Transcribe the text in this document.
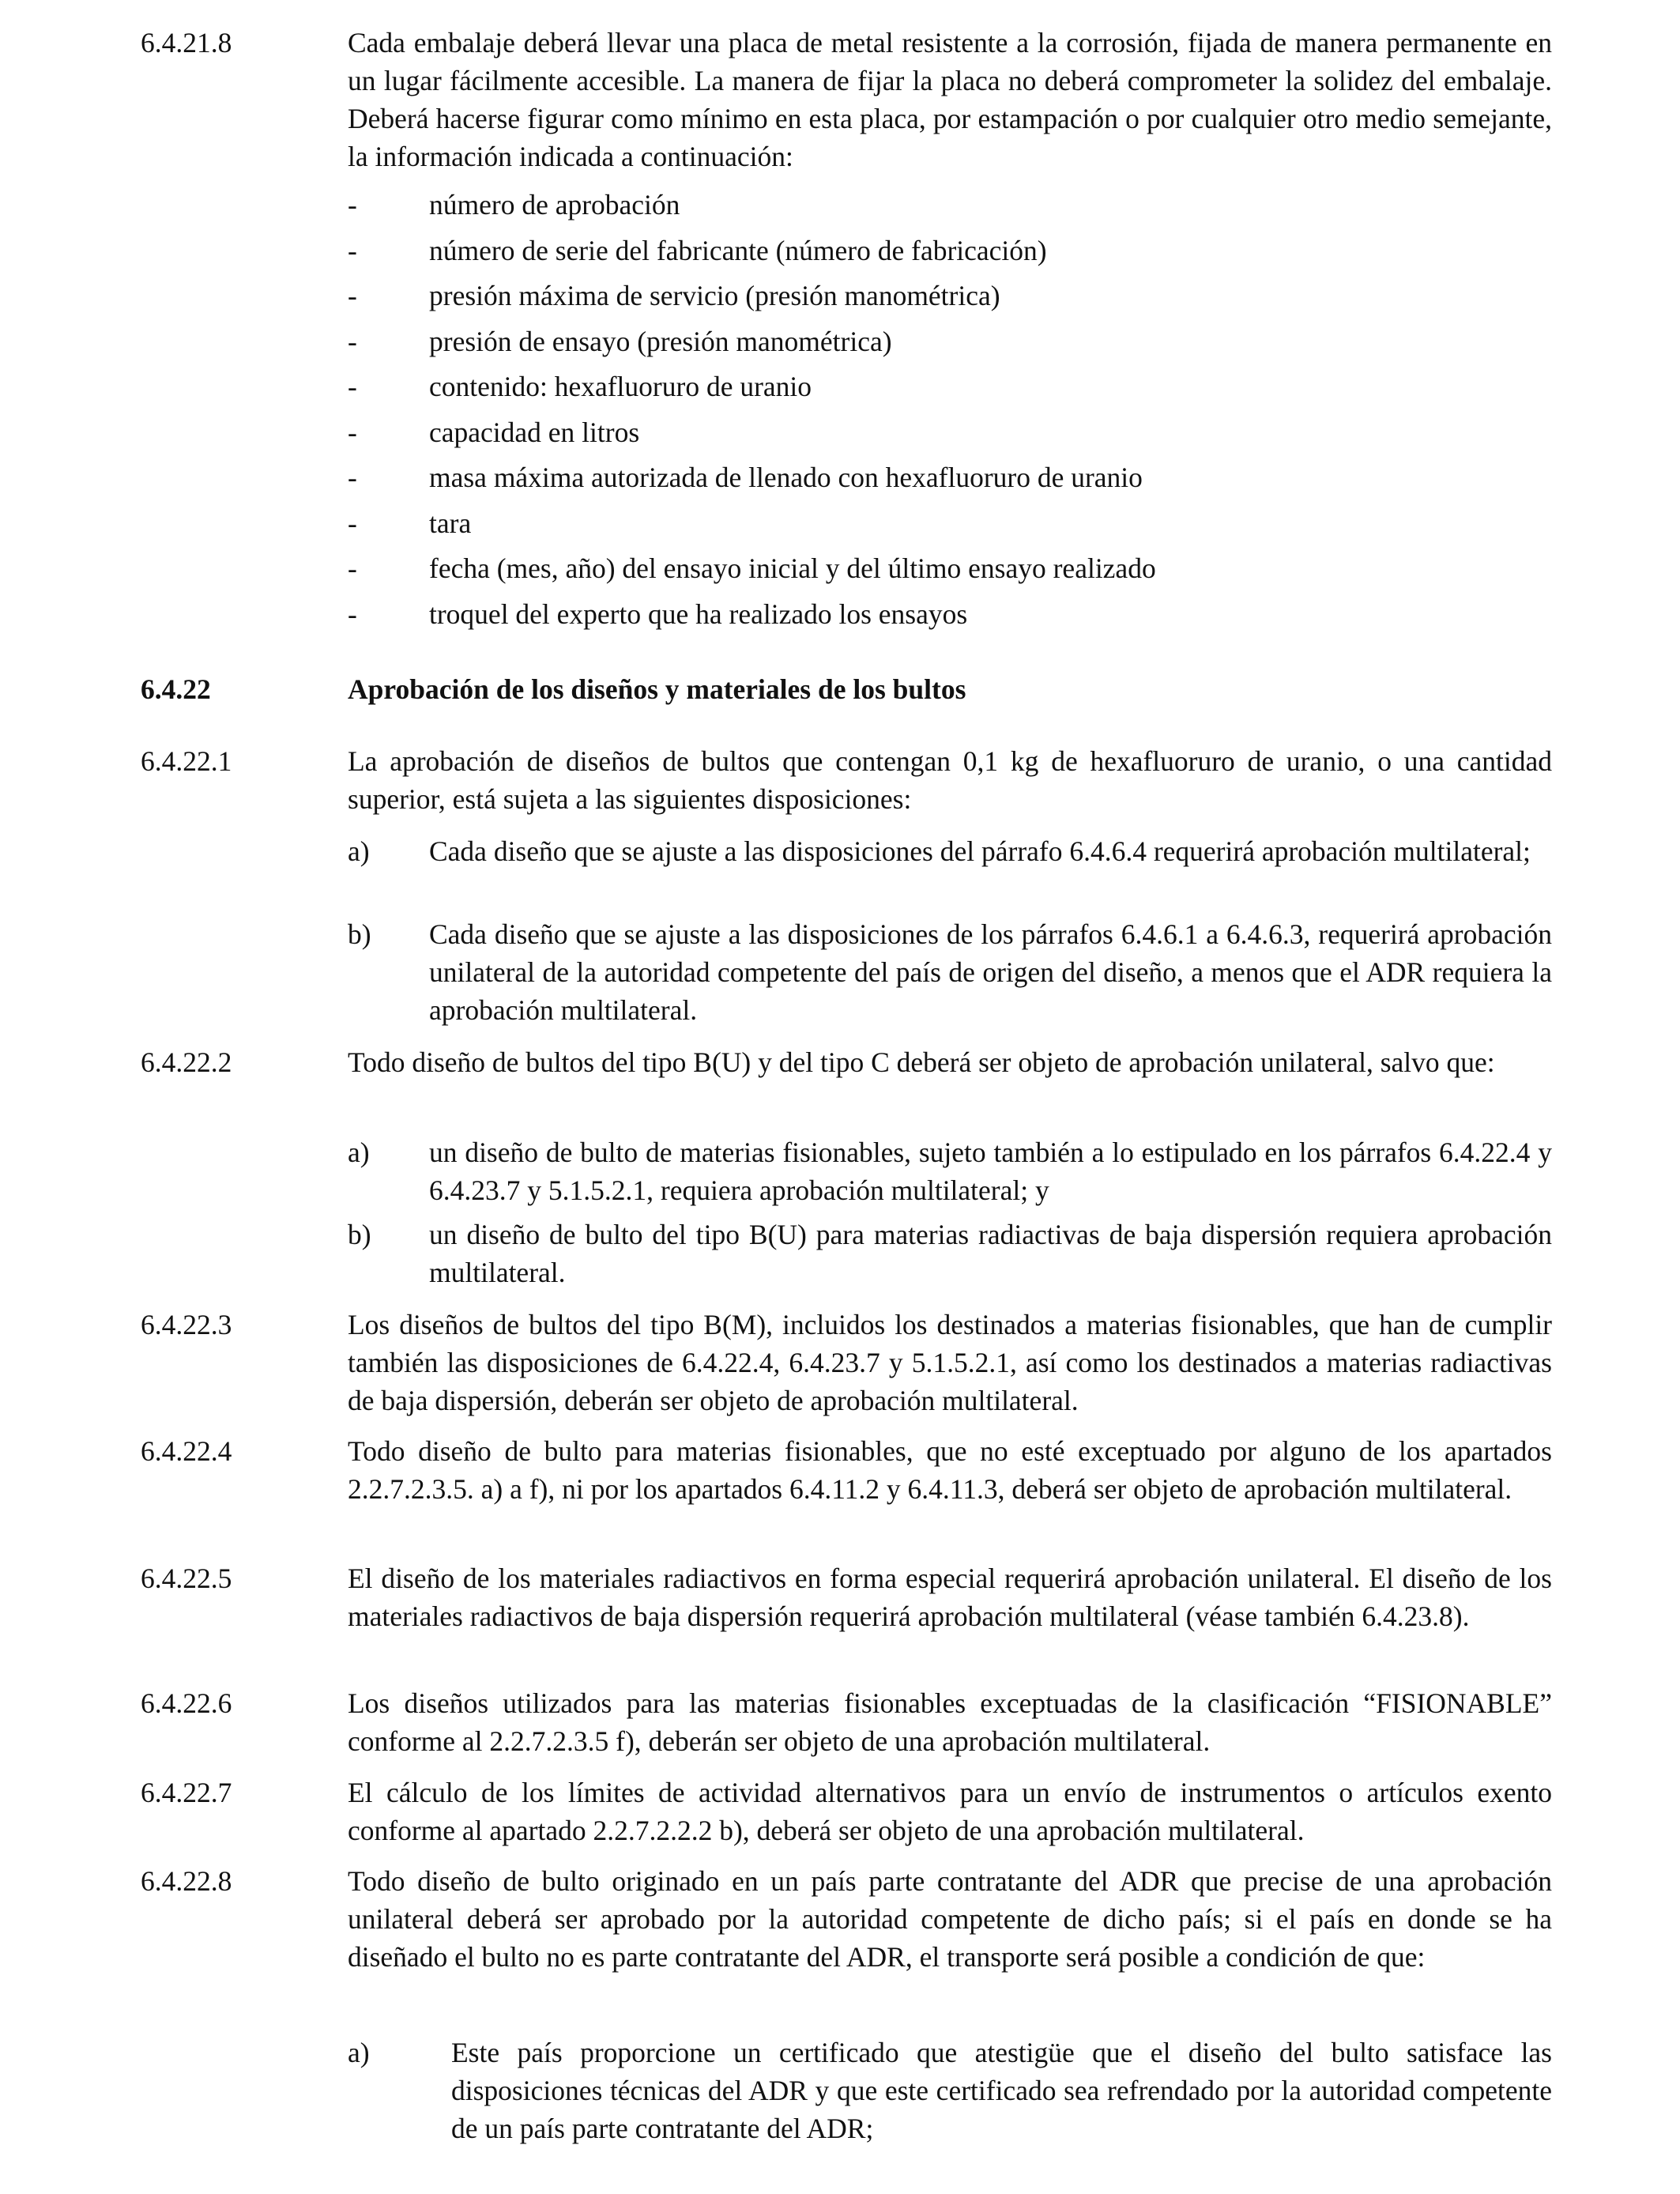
6.4.21.8	Cada embalaje deberá llevar una placa de metal resistente a la corrosión, fijada de manera permanente en un lugar fácilmente accesible. La manera de fijar la placa no deberá comprometer la solidez del embalaje. Deberá hacerse figurar como mínimo en esta placa, por estampación o por cualquier otro medio semejante, la información indicada a continuación:
-	número de aprobación
-	número de serie del fabricante (número de fabricación)
-	presión máxima de servicio (presión manométrica)
-	presión de ensayo (presión manométrica)
-	contenido: hexafluoruro de uranio
-	capacidad en litros
-	masa máxima autorizada de llenado con hexafluoruro de uranio
-	tara
-	fecha (mes, año) del ensayo inicial y del último ensayo realizado
-	troquel del experto que ha realizado los ensayos
6.4.22	Aprobación de los diseños y materiales de los bultos
6.4.22.1	La aprobación de diseños de bultos que contengan 0,1 kg de hexafluoruro de uranio, o una cantidad superior, está sujeta a las siguientes disposiciones:
a) Cada diseño que se ajuste a las disposiciones del párrafo 6.4.6.4 requerirá aprobación multilateral;
b) Cada diseño que se ajuste a las disposiciones de los párrafos 6.4.6.1 a 6.4.6.3, requerirá aprobación unilateral de la autoridad competente del país de origen del diseño, a menos que el ADR requiera la aprobación multilateral.
6.4.22.2	Todo diseño de bultos del tipo B(U) y del tipo C deberá ser objeto de aprobación unilateral, salvo que:
a) un diseño de bulto de materias fisionables, sujeto también a lo estipulado en los párrafos 6.4.22.4 y 6.4.23.7 y 5.1.5.2.1, requiera aprobación multilateral; y
b) un diseño de bulto del tipo B(U) para materias radiactivas de baja dispersión requiera aprobación multilateral.
6.4.22.3	Los diseños de bultos del tipo B(M), incluidos los destinados a materias fisionables, que han de cumplir también las disposiciones de 6.4.22.4, 6.4.23.7 y 5.1.5.2.1, así como los destinados a materias radiactivas de baja dispersión, deberán ser objeto de aprobación multilateral.
6.4.22.4	Todo diseño de bulto para materias fisionables, que no esté exceptuado por alguno de los apartados 2.2.7.2.3.5. a) a f), ni por los apartados 6.4.11.2 y 6.4.11.3, deberá ser objeto de aprobación multilateral.
6.4.22.5	El diseño de los materiales radiactivos en forma especial requerirá aprobación unilateral. El diseño de los materiales radiactivos de baja dispersión requerirá aprobación multilateral (véase también 6.4.23.8).
6.4.22.6	Los diseños utilizados para las materias fisionables exceptuadas de la clasificación “FISIONABLE” conforme al 2.2.7.2.3.5 f), deberán ser objeto de una aprobación multilateral.
6.4.22.7	El cálculo de los límites de actividad alternativos para un envío de instrumentos o artículos exento conforme al apartado 2.2.7.2.2.2 b), deberá ser objeto de una aprobación multilateral.
6.4.22.8	Todo diseño de bulto originado en un país parte contratante del ADR que precise de una aprobación unilateral deberá ser aprobado por la autoridad competente de dicho país; si el país en donde se ha diseñado el bulto no es parte contratante del ADR, el transporte será posible a condición de que:
a)	Este país proporcione un certificado que atestigüe que el diseño del bulto satisface las disposiciones técnicas del ADR y que este certificado sea refrendado por la autoridad competente de un país parte contratante del ADR;
